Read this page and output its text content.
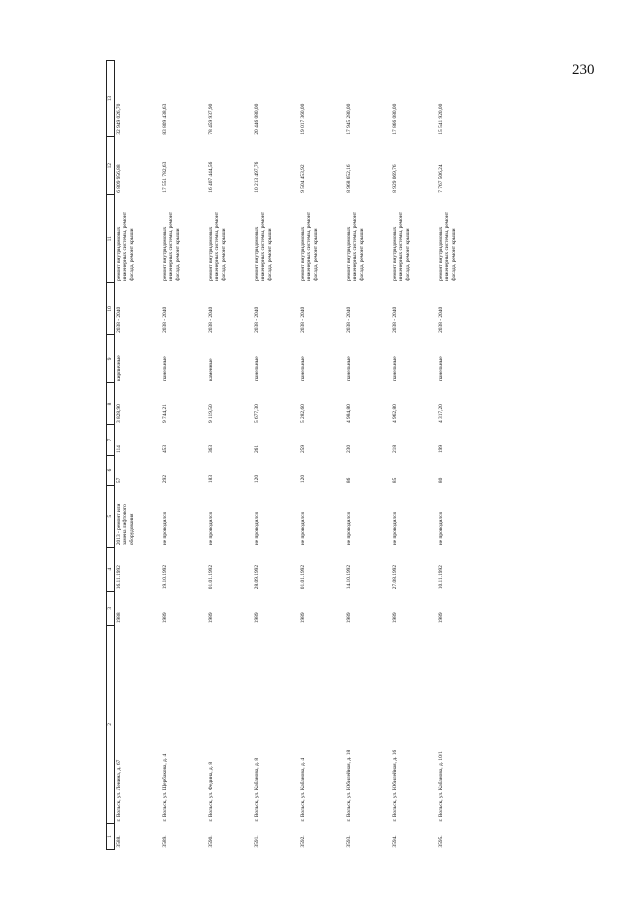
230
1	2	3	4	5	6	7	8	9	10	11	12	13
3588.	г. Вольск, ул. Ленина, д. 67	1988	16.11.1992	2013 - ремонт или замена лифтового оборудования	57	114	3 828,90	кирпичные	2038 - 2040	ремонт внутридомовых инженерных системы, ремонт фасада, ремонт крыши	6 809 956,88	32 949 026,70
3589.	г. Вольск, ул. Щербакова, д. 4	1989	19.10.1992	не проводился	292	453	9 744,21	панельные	2038 - 2040	ремонт внутридомовых инженерных системы, ремонт фасада, ремонт крыши	17 551 782,63	83 809 438,63
3590.	г. Вольск, ул. Федина, д. 8	1989	01.01.1992	не проводился	183	363	9 119,50	каменные	2038 - 2040	ремонт внутридомовых инженерных системы, ремонт фасада, ремонт крыши	16 407 444,56	78 459 937,90
3591.	г. Вольск, ул. Кабанова, д. 8	1989	28.09.1992	не проводился	120	261	5 677,30	панельные	2038 - 2040	ремонт внутридомовых инженерных системы, ремонт фасада, ремонт крыши	10 213 497,76	20 446 080,00
3592.	г. Вольск, ул. Кабанова, д. 4	1989	01.01.1992	не проводился	120	259	5 282,60	панельные	2038 - 2040	ремонт внутридомовых инженерных системы, ремонт фасада, ремонт крыши	9 504 453,92	19 017 360,00
3593.	г. Вольск, ул. Юбилейная, д. 18	1989	14.10.1992	не проводился	86	230	4 984,80	панельные	2038 - 2040	ремонт внутридомовых инженерных системы, ремонт фасада, ремонт крыши	8 968 652,16	17 945 280,00
3594.	г. Вольск, ул. Юбилейная, д. 16	1989	27.08.1992	не проводился	85	218	4 962,80	панельные	2038 - 2040	ремонт внутридомовых инженерных системы, ремонт фасада, ремонт крыши	8 929 069,76	17 866 080,00
3595.	г. Вольск, ул. Кабанова, д. 10/1	1989	10.11.1992	не проводился	80	199	4 317,20	панельные	2038 - 2040	ремонт внутридомовых инженерных системы, ремонт фасада, ремонт крыши	7 767 506,24	15 541 920,00
